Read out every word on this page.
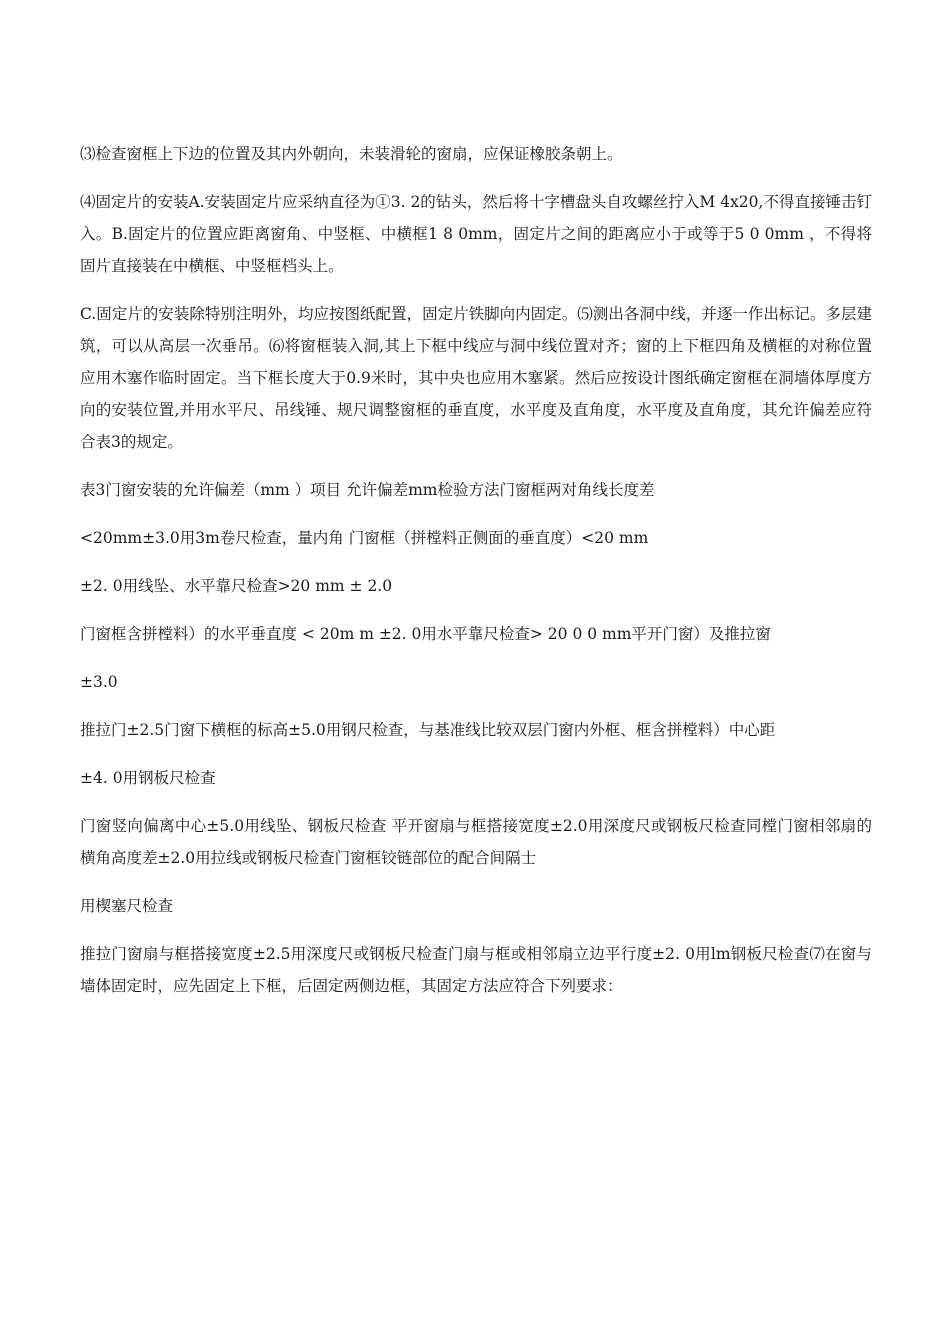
⑶检查窗框上下边的位置及其内外朝向，未装滑轮的窗扇，应保证橡胶条朝上。

⑷固定片的安装A.安装固定片应采纳直径为①3. 2的钻头，然后将十字槽盘头自攻螺丝拧入M 4x20,不得直接锤击钉入。B.固定片的位置应距离窗角、中竖框、中横框1 8 0mm，固定片之间的距离应小于或等于5 0 0mm ，不得将固片直接装在中横框、中竖框档头上。

C.固定片的安装除特别注明外，均应按图纸配置，固定片铁脚向内固定。⑸测出各洞中线，并逐一作出标记。多层建筑，可以从高层一次垂吊。⑹将窗框装入洞,其上下框中线应与洞中线位置对齐；窗的上下框四角及横框的对称位置应用木塞作临时固定。当下框长度大于0.9米时，其中央也应用木塞紧。然后应按设计图纸确定窗框在洞墙体厚度方向的安装位置,并用水平尺、吊线锤、规尺调整窗框的垂直度，水平度及直角度，水平度及直角度，其允许偏差应符合表3的规定。

表3门窗安装的允许偏差（mm ）项目 允许偏差mm检验方法门窗框两对角线长度差

<20mm±3.0用3m卷尺检查，量内角 门窗框（拼樘料正侧面的垂直度）<20 mm

±2. 0用线坠、水平靠尺检查>20 mm ± 2.0

门窗框含拼樘料）的水平垂直度 < 20m m ±2. 0用水平靠尺检查> 20 0 0 mm平开门窗）及推拉窗

±3.0

推拉门±2.5门窗下横框的标高±5.0用钢尺检查，与基准线比较双层门窗内外框、框含拼樘料）中心距

±4. 0用钢板尺检查

门窗竖向偏离中心±5.0用线坠、钢板尺检查 平开窗扇与框搭接宽度±2.0用深度尺或钢板尺检查同樘门窗相邻扇的横角高度差±2.0用拉线或钢板尺检查门窗框铰链部位的配合间隔士

用楔塞尺检查

推拉门窗扇与框搭接宽度±2.5用深度尺或钢板尺检查门扇与框或相邻扇立边平行度±2. 0用lm钢板尺检查⑺在窗与墙体固定时，应先固定上下框，后固定两侧边框，其固定方法应符合下列要求：
